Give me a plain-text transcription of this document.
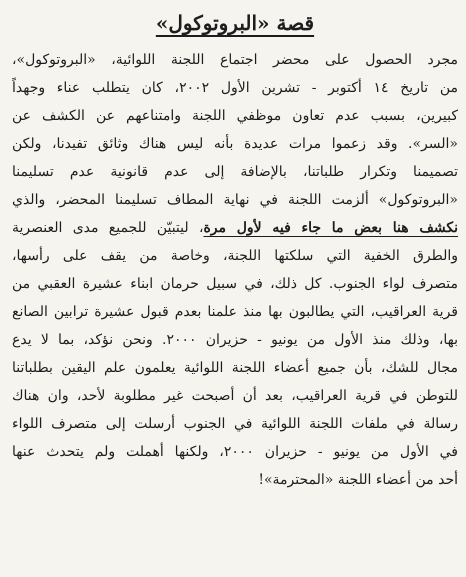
قصة «البروتوكول»
مجرد الحصول على محضر اجتماع اللجنة اللوائية، «البروتوكول»،
من تاريخ ١٤ أكتوبر - تشرين الأول ٢٠٠٢، كان يتطلب عناء وجهداً
كبيرين، بسبب عدم تعاون موظفي اللجنة وامتناعهم عن الكشف عن
«السر». وقد زعموا مرات عديدة بأنه ليس هناك وثائق تفيدنا، ولكن
تصميمنا وتكرار طلباتنا، بالإضافة إلى عدم قانونية عدم تسليمنا
«البروتوكول» ألزمت اللجنة في نهاية المطاف تسليمنا المحضر، والذي
نكشف هنا بعض ما جاء فيه لأول مرة، ليتبيّن للجميع مدى العنصرية
والطرق الخفية التي سلكتها اللجنة، وخاصة من يقف على رأسها،
متصرف لواء الجنوب. كل ذلك، في سبيل حرمان ابناء عشيرة العقبي من
قرية العراقيب، التي يطالبون بها منذ علمنا بعدم قبول عشيرة ترابين الصانع
بها، وذلك منذ الأول من يونيو - حزيران ٢٠٠٠. ونحن نؤكد، بما لا يدع
مجال للشك، بأن جميع أعضاء اللجنة اللوائية يعلمون علم اليقين بطلباتنا
للتوطن في قرية العراقيب، بعد أن أصبحت غير مطلوبة لأحد، وان هناك
رسالة في ملفات اللجنة اللوائية في الجنوب أرسلت إلى متصرف اللواء
في الأول من يونيو - حزيران ٢٠٠٠، ولكنها أهملت ولم يتحدث عنها
أحد من أعضاء اللجنة «المحترمة»!
